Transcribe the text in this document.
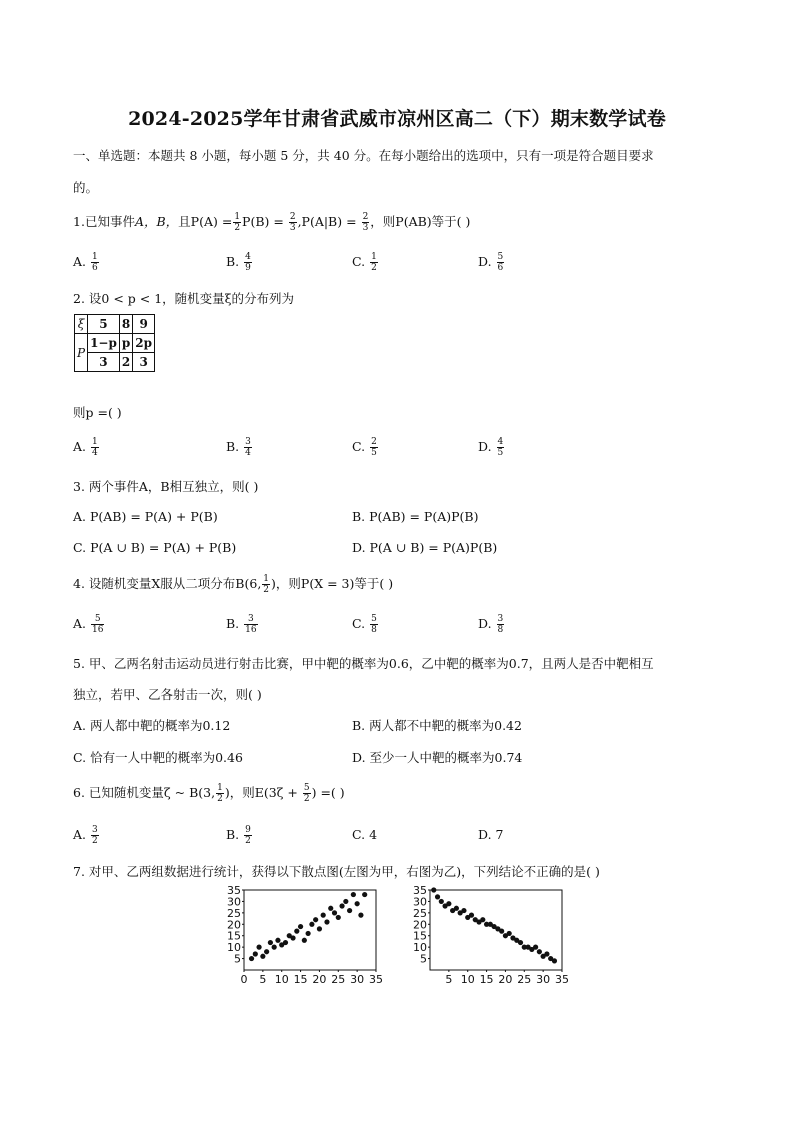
2024-2025学年甘肃省武威市凉州区高二（下）期末数学试卷
一、单选题：本题共 8 小题，每小题 5 分，共 40 分。在每小题给出的选项中，只有一项是符合题目要求
的。
1.已知事件A，B，且$P(A) = \frac{1}{2} P(B) = \frac{2}{3} ,P(A|B) = \frac{2}{3}$ ，则P(AB)等于( )
A. $\frac{1}{6}$	B. $\frac{4}{9}$	C. $\frac{1}{2}$	D. $\frac{5}{6}$
2. 设0 < p < 1，随机变量ξ的分布列为
ξ	5	8	9
P	1−p	p	2p
	3	2	3
则p =( )
A. $\frac{1}{4}$	B. $\frac{3}{4}$	C. $\frac{2}{5}$	D. $\frac{4}{5}$
3. 两个事件A，B相互独立，则( )
A. P(AB) = P(A) + P(B)	B. P(AB) = P(A)P(B)
C. P(A ∪ B) = P(A) + P(B)	D. P(A ∪ B) = P(A)P(B)
4. 设随机变量X服从二项分布B(6, $\frac{1}{2}$ )，则P(X = 3)等于( )
A. $\frac{5}{16}$	B. $\frac{3}{16}$	C. $\frac{5}{8}$	D. $\frac{3}{8}$
5. 甲、乙两名射击运动员进行射击比赛，甲中靶的概率为0.6，乙中靶的概率为0.7，且两人是否中靶相互
独立，若甲、乙各射击一次，则( )
A. 两人都中靶的概率为0.12	B. 两人都不中靶的概率为0.42
C. 恰有一人中靶的概率为0.46	D. 至少一人中靶的概率为0.74
6. 已知随机变量ζ ~ B(3, $\frac{1}{2}$ )，则$E(3\zeta + \frac{5}{2}$ ) =( )
A. $\frac{3}{2}$	B. $\frac{9}{2}$	C. 4	D. 7
7. 对甲、乙两组数据进行统计，获得以下散点图(左图为甲，右图为乙)，下列结论不正确的是( )
0 5 10 15 20 25 30 35
5
10
15
20
25
30
35
5 10 15 20 25 30 35
5
10
15
20
25
30
35
